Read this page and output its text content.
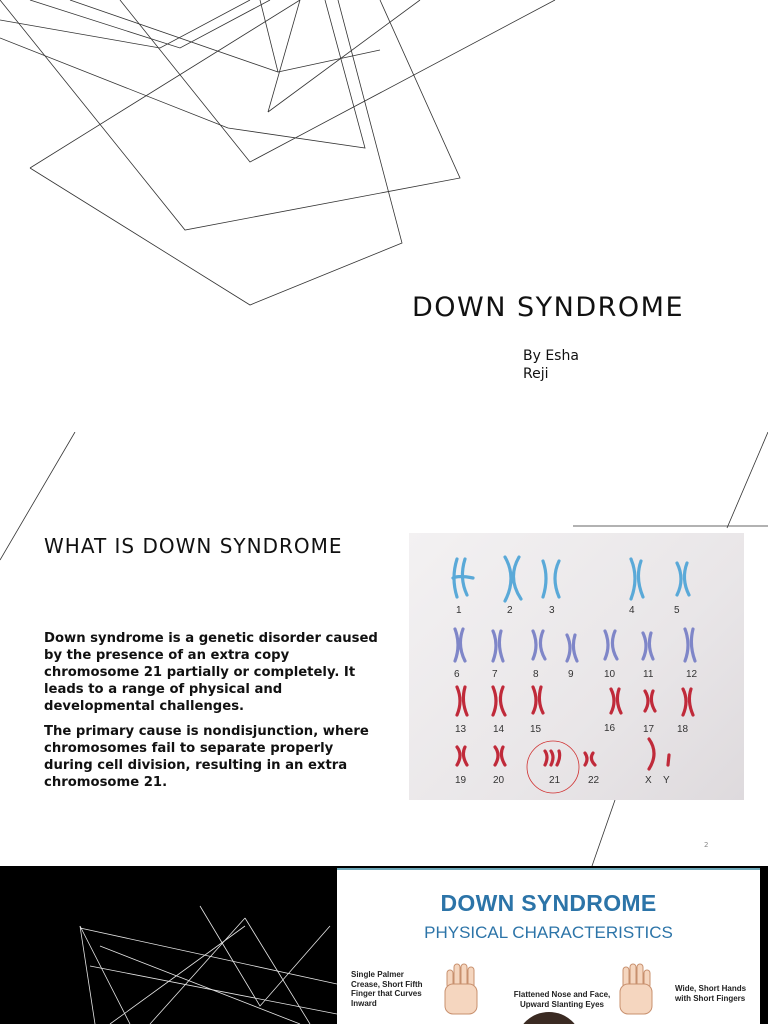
DOWN SYNDROME
By Esha Reji
WHAT IS DOWN SYNDROME

Down syndrome is a genetic disorder caused by the presence of an extra copy chromosome 21 partially or completely. It leads to a range of physical and developmental challenges.

The primary cause is nondisjunction, where chromosomes fail to separate properly during cell division, resulting in an extra chromosome 21.

1	2	3	4	5
6	7	8	9	10	11	12
13	14	15	16	17 18
19	20	21	22	X Y
2
DOWN SYNDROME
PHYSICAL CHARACTERISTICS
Single Palmer Crease, Short Fifth Finger that Curves Inward
Flattened Nose and Face, Upward Slanting Eyes
Wide, Short Hands with Short Fingers
